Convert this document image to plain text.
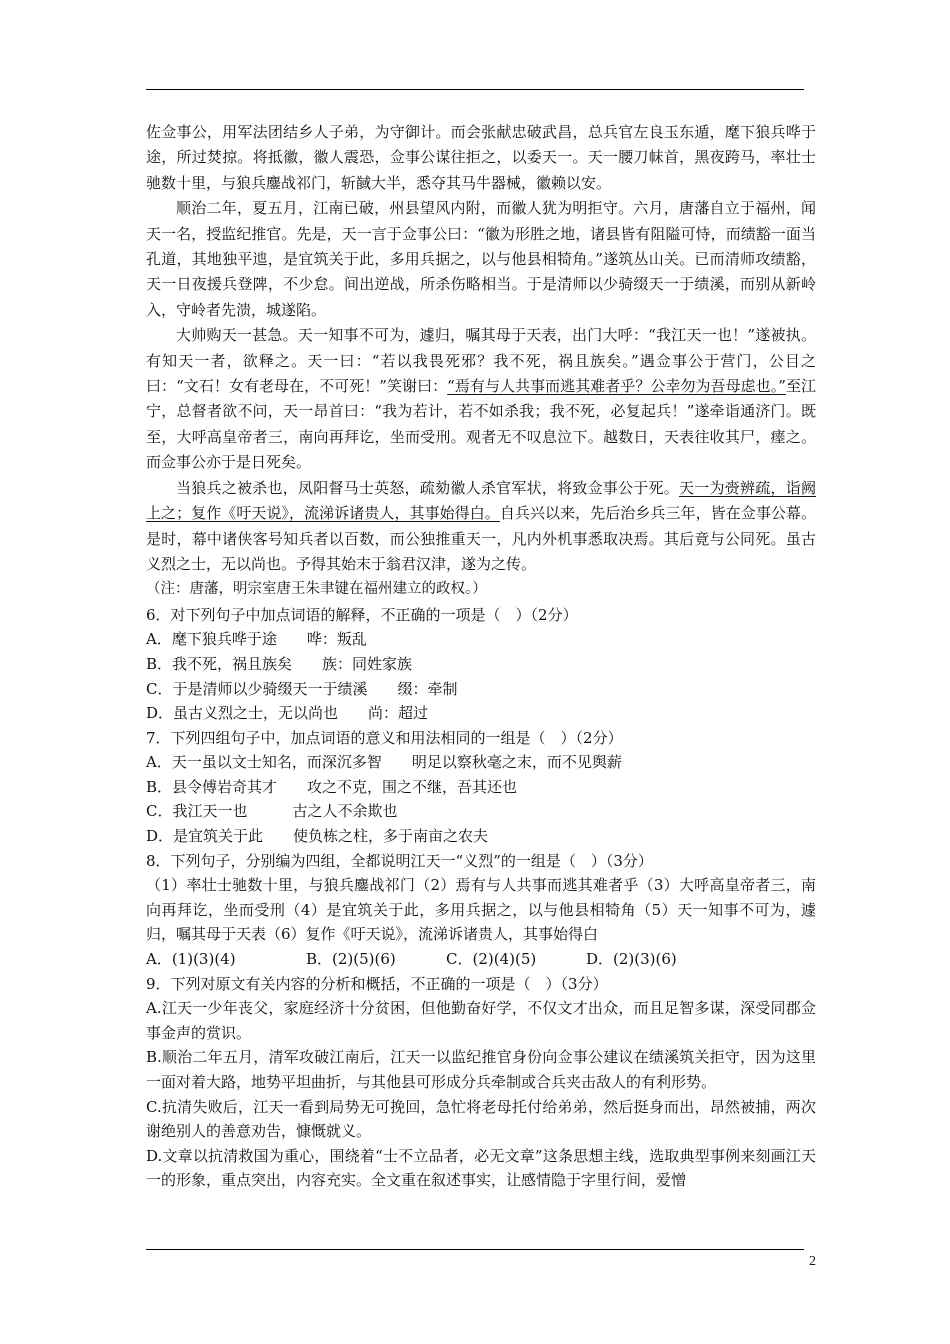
佐佥事公，用军法团结乡人子弟，为守御计。而会张献忠破武昌，总兵官左良玉东遁，麾下狼兵哗于途，所过焚掠。将抵徽，徽人震恐，佥事公谋往拒之，以委天一。天一腰刀帓首，黑夜跨马，率壮士驰数十里，与狼兵鏖战祁门，斩馘大半，悉夺其马牛器械，徽赖以安。

顺治二年，夏五月，江南已破，州县望风内附，而徽人犹为明拒守。六月，唐藩自立于福州，闻天一名，授监纪推官。先是，天一言于佥事公曰：“徽为形胜之地，诸县皆有阻隘可恃，而绩豁一面当孔道，其地独平迆，是宜筑关于此，多用兵据之，以与他县相犄角。”遂筑丛山关。已而清师攻绩豁，天一日夜援兵登陴，不少怠。间出逆战，所杀伤略相当。于是清师以少骑缀天一于绩溪，而别从新岭入，守岭者先溃，城遂陷。

大帅购天一甚急。天一知事不可为，遽归，嘱其母于天表，出门大呼：“我江天一也！”遂被执。有知天一者，欲释之。天一曰：“若以我畏死邪？我不死，祸且族矣。”遇佥事公于营门，公目之曰：“文石！女有老母在，不可死！”笑谢曰：“焉有与人共事而逃其难者乎？公幸勿为吾母虑也。”至江宁，总督者欲不问，天一昂首曰：“我为若计，若不如杀我；我不死，必复起兵！”遂牵诣通济门。既至，大呼高皇帝者三，南向再拜讫，坐而受刑。观者无不叹息泣下。越数日，天表往收其尸，瘗之。而佥事公亦于是日死矣。

当狼兵之被杀也，凤阳督马士英怒，疏劾徽人杀官军状，将致佥事公于死。天一为赍辨疏，诣阙上之；复作《吁天说》，流涕诉诸贵人，其事始得白。自兵兴以来，先后治乡兵三年，皆在佥事公幕。是时，幕中诸侠客号知兵者以百数，而公独推重天一，凡内外机事悉取决焉。其后竟与公同死。虽古义烈之士，无以尚也。予得其始末于翁君汉津，遂为之传。

（注：唐藩，明宗室唐王朱聿键在福州建立的政权。）

6．对下列句子中加点词语的解释，不正确的一项是（　）（2分）

A．麾下狼兵哗于途　　哗：叛乱

B．我不死，祸且族矣　　族：同姓家族

C．于是清师以少骑缀天一于绩溪　　缀：牵制

D．虽古义烈之士，无以尚也　　尚：超过

7．下列四组句子中，加点词语的意义和用法相同的一组是（　）（2分）

A．天一虽以文士知名，而深沉多智　　明足以察秋毫之末，而不见舆薪

B．县令傅岩奇其才　　攻之不克，围之不继，吾其还也

C．我江天一也　　　古之人不余欺也

D．是宜筑关于此　　使负栋之柱，多于南亩之农夫

8．下列句子，分别编为四组，全都说明江天一“义烈”的一组是（　）（3分）

（1）率壮士驰数十里，与狼兵鏖战祁门（2）焉有与人共事而逃其难者乎（3）大呼高皇帝者三，南向再拜讫，坐而受刑（4）是宜筑关于此，多用兵据之，以与他县相犄角（5）天一知事不可为，遽归，嘱其母于天表（6）复作《吁天说》，流涕诉诸贵人，其事始得白

A．(1)(3)(4)	B．(2)(5)(6)	C．(2)(4)(5)	D．(2)(3)(6)

9．下列对原文有关内容的分析和概括，不正确的一项是（　）（3分）

A.江天一少年丧父，家庭经济十分贫困，但他勤奋好学，不仅文才出众，而且足智多谋，深受同郡佥事金声的赏识。

B.顺治二年五月，清军攻破江南后，江天一以监纪推官身份向佥事公建议在绩溪筑关拒守，因为这里一面对着大路，地势平坦曲折，与其他县可形成分兵牵制或合兵夹击敌人的有利形势。

C.抗清失败后，江天一看到局势无可挽回，急忙将老母托付给弟弟，然后挺身而出，昂然被捕，两次谢绝别人的善意劝告，慷慨就义。

D.文章以抗清救国为重心，围绕着“士不立品者，必无文章”这条思想主线，选取典型事例来刻画江天一的形象，重点突出，内容充实。全文重在叙述事实，让感情隐于字里行间，爱憎

2
